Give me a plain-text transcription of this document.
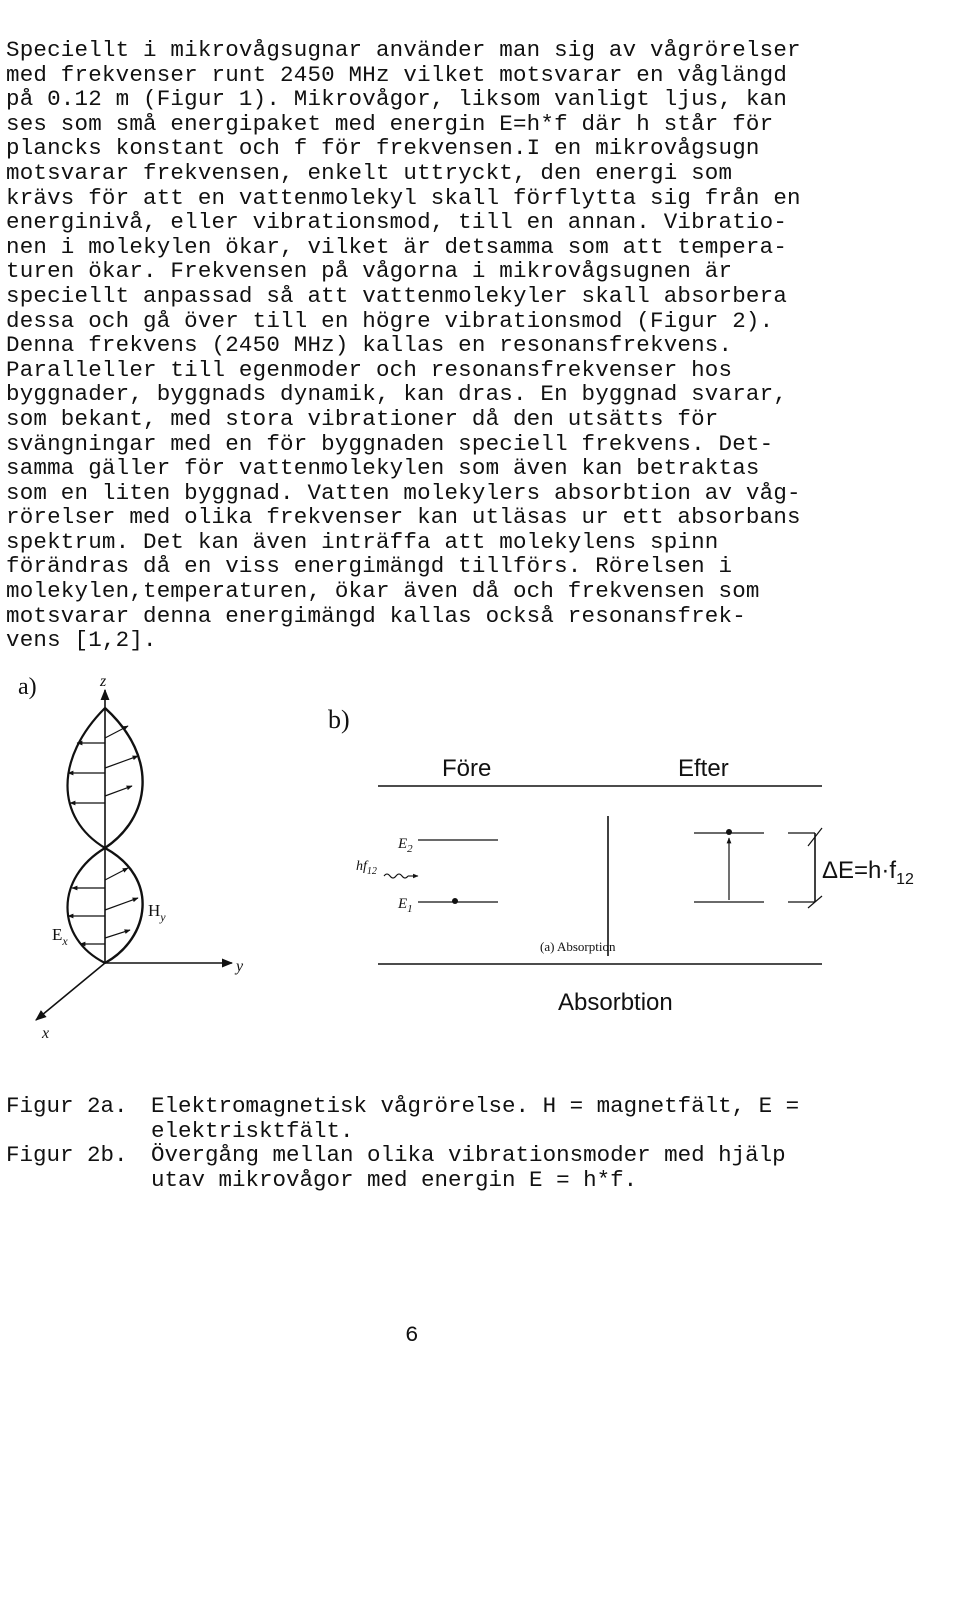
Speciellt i mikrovågsugnar använder man sig av vågrörelser
med frekvenser runt 2450 MHz vilket motsvarar en våglängd
på 0.12 m (Figur 1). Mikrovågor, liksom vanligt ljus, kan
ses som små energipaket med energin E=h*f där h står för
plancks konstant och f för frekvensen.I en mikrovågsugn
motsvarar frekvensen, enkelt uttryckt, den energi som
krävs för att en vattenmolekyl skall förflytta sig från en
energinivå, eller vibrationsmod, till en annan. Vibratio-
nen i molekylen ökar, vilket är detsamma som att tempera-
turen ökar. Frekvensen på vågorna i mikrovågsugnen är
speciellt anpassad så att vattenmolekyler skall absorbera
dessa och gå över till en högre vibrationsmod (Figur 2).
Denna frekvens (2450 MHz) kallas en resonansfrekvens.
Paralleller till egenmoder och resonansfrekvenser hos
byggnader, byggnads dynamik, kan dras. En byggnad svarar,
som bekant, med stora vibrationer då den utsätts för
svängningar med en för byggnaden speciell frekvens. Det-
samma gäller för vattenmolekylen som även kan betraktas
som en liten byggnad. Vatten molekylers absorbtion av våg-
rörelser med olika frekvenser kan utläsas ur ett absorbans
spektrum. Det kan även inträffa att molekylens spinn
förändras då en viss energimängd tillförs. Rörelsen i
molekylen,temperaturen, ökar även då och frekvensen som
motsvarar denna energimängd kallas också resonansfrek-
vens [1,2].
a)	z
y
x
$H_y$
$E_x$
b)
Före	Efter
$E_2$
$hf_{12}$
$E_1$
$\Delta E=h\cdot f_{12}$
(a) Absorption
Absorbtion
Figur 2a.	Elektromagnetisk vågrörelse. H = magnetfält, E =
elektrisktfält.
Figur 2b.	Övergång mellan olika vibrationsmoder med hjälp
utav mikrovågor med energin E = h*f.
6
